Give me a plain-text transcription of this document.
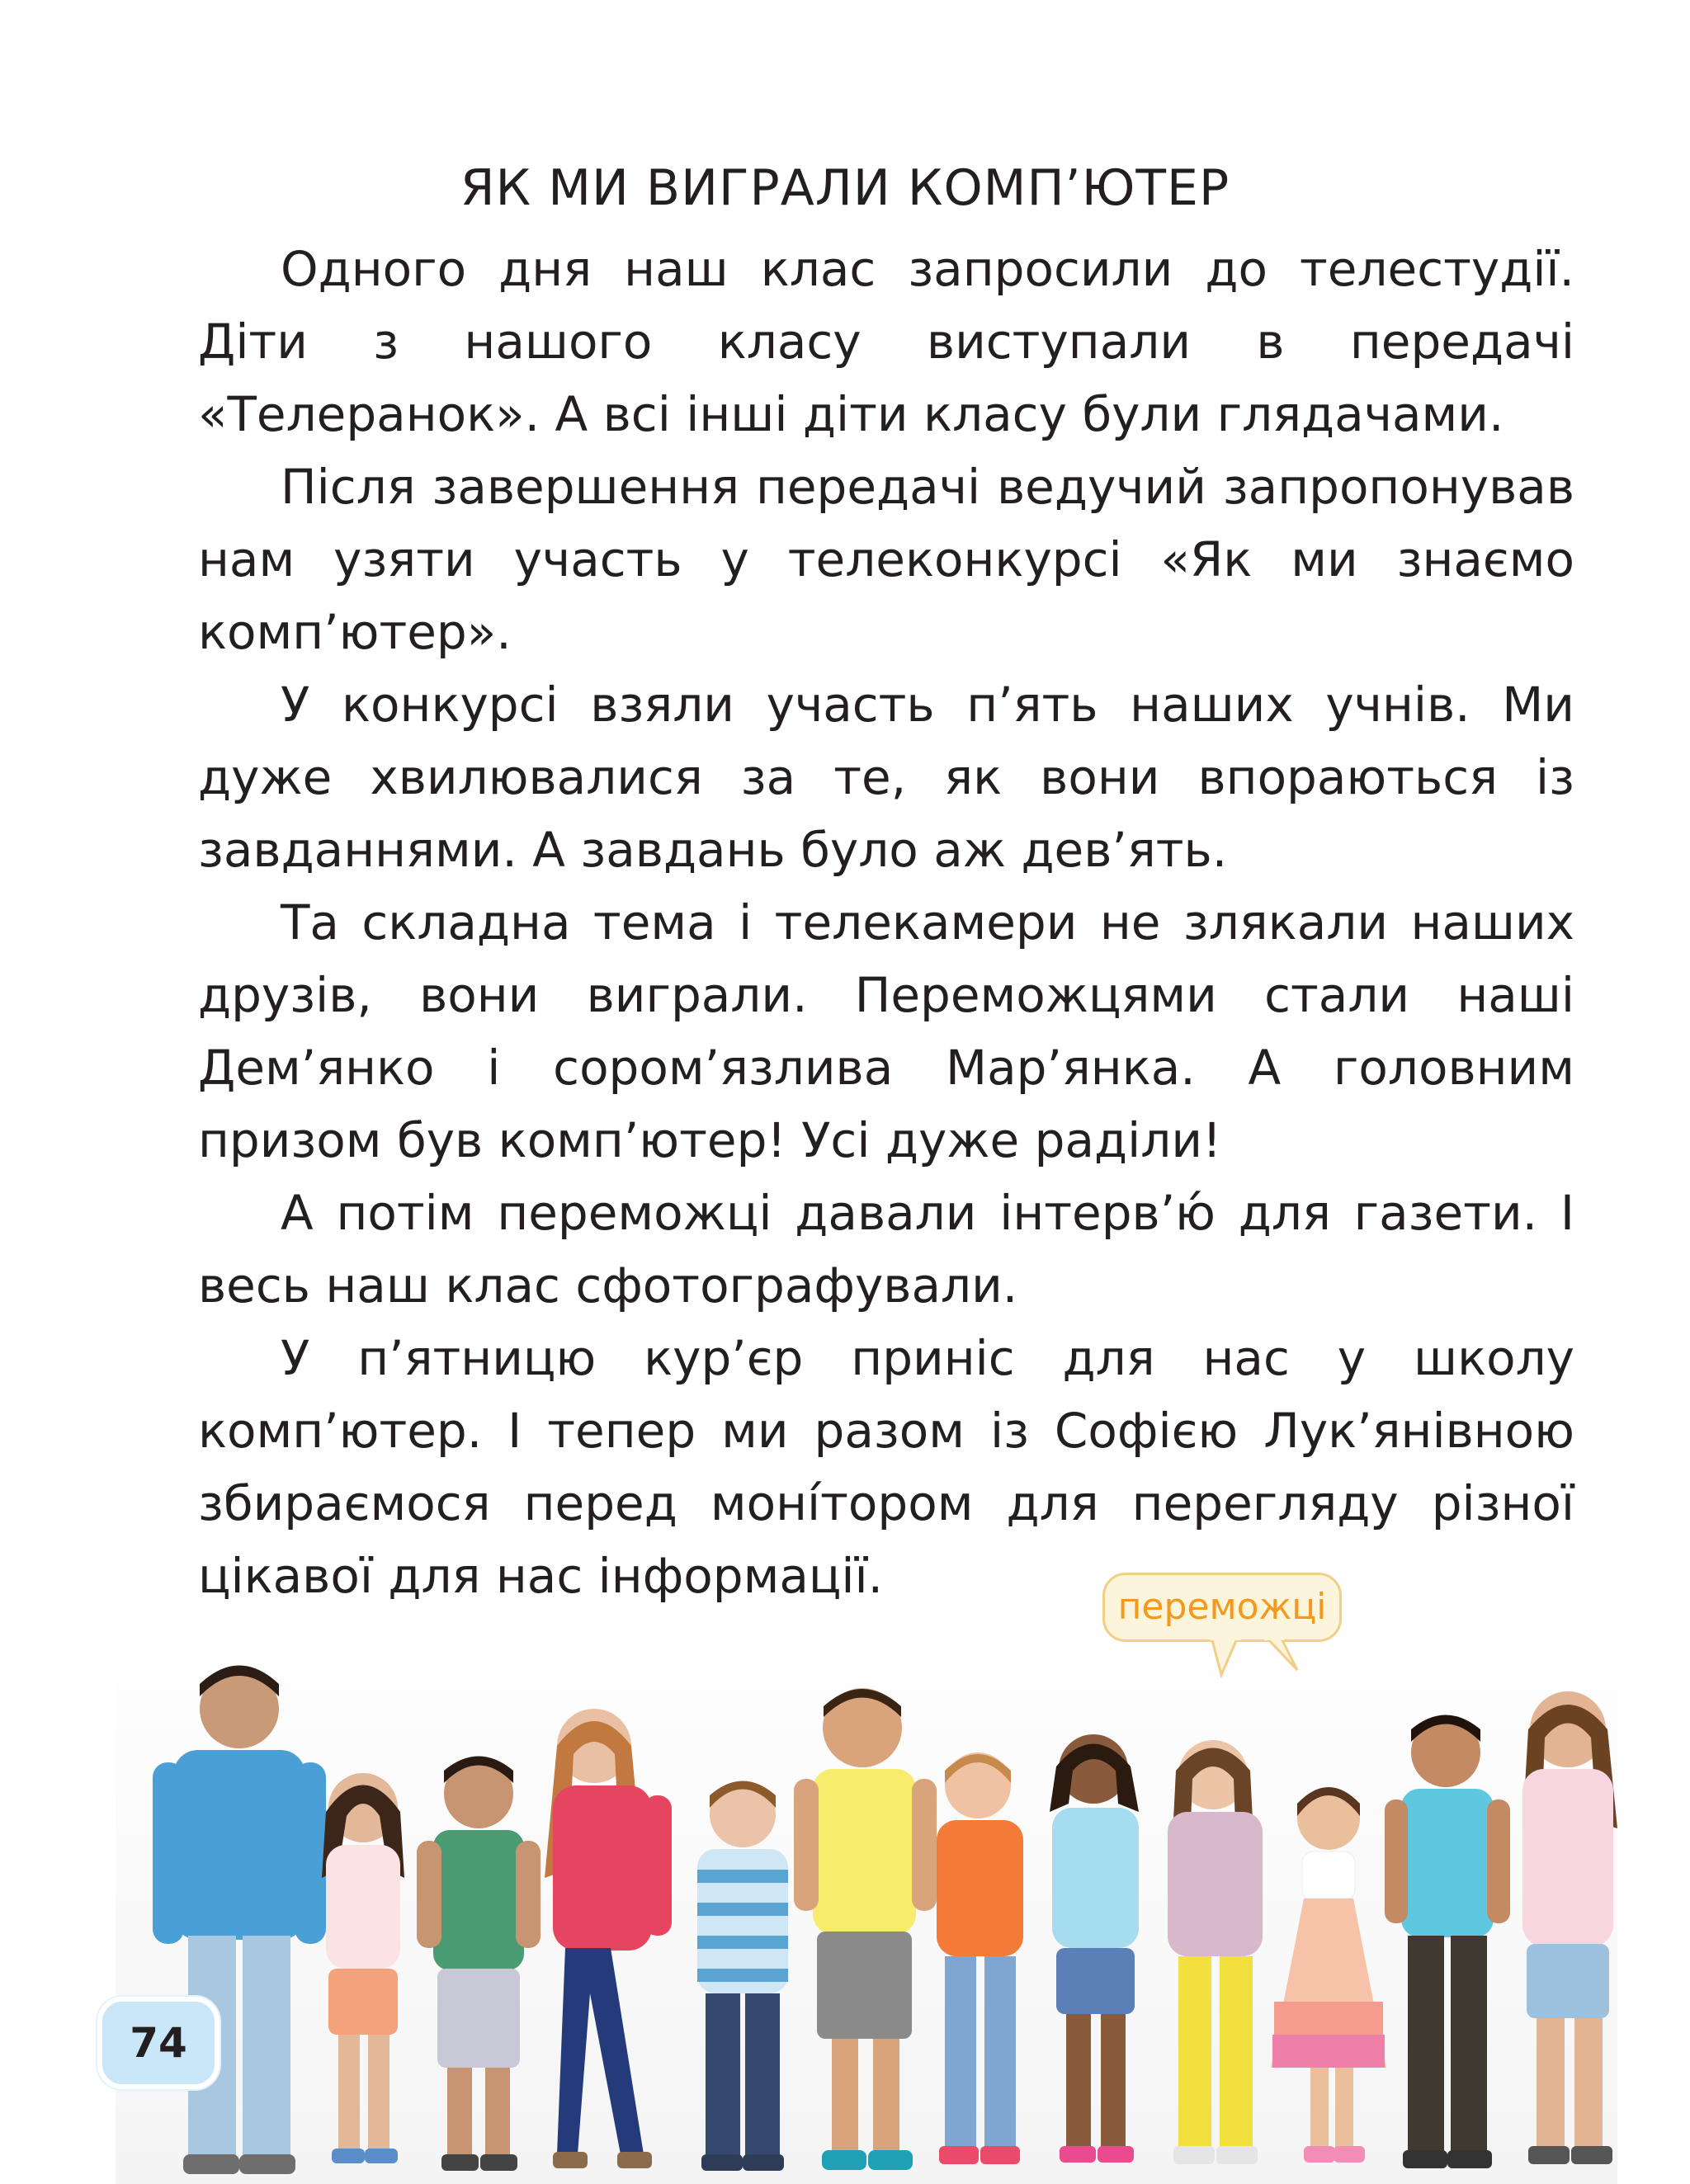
ЯК МИ ВИГРАЛИ КОМП’ЮТЕР

Одного дня наш клас запросили до телестудії. Діти з нашого класу виступали в передачі «Телеранок». А всі інші діти класу були глядачами.

Після завершення передачі ведучий запропонував нам узяти участь у телеконкурсі «Як ми знаємо комп’ютер».

У конкурсі взяли участь п’ять наших учнів. Ми дуже хвилювалися за те, як вони впораються із завданнями. А завдань було аж дев’ять.

Та складна тема і телекамери не злякали наших друзів, вони виграли. Переможцями стали наші Дем’янко і сором’язлива Мар’янка. А головним призом був комп’ютер! Усі дуже раділи!

А потім переможці давали інтерв’ю́ для газети. І весь наш клас сфотографували.

У п’ятницю кур’єр приніс для нас у школу комп’ютер. І тепер ми разом із Софією Лук’янівною збираємося перед моні́тором для перегляду різної цікавої для нас інформації.

переможці
74
